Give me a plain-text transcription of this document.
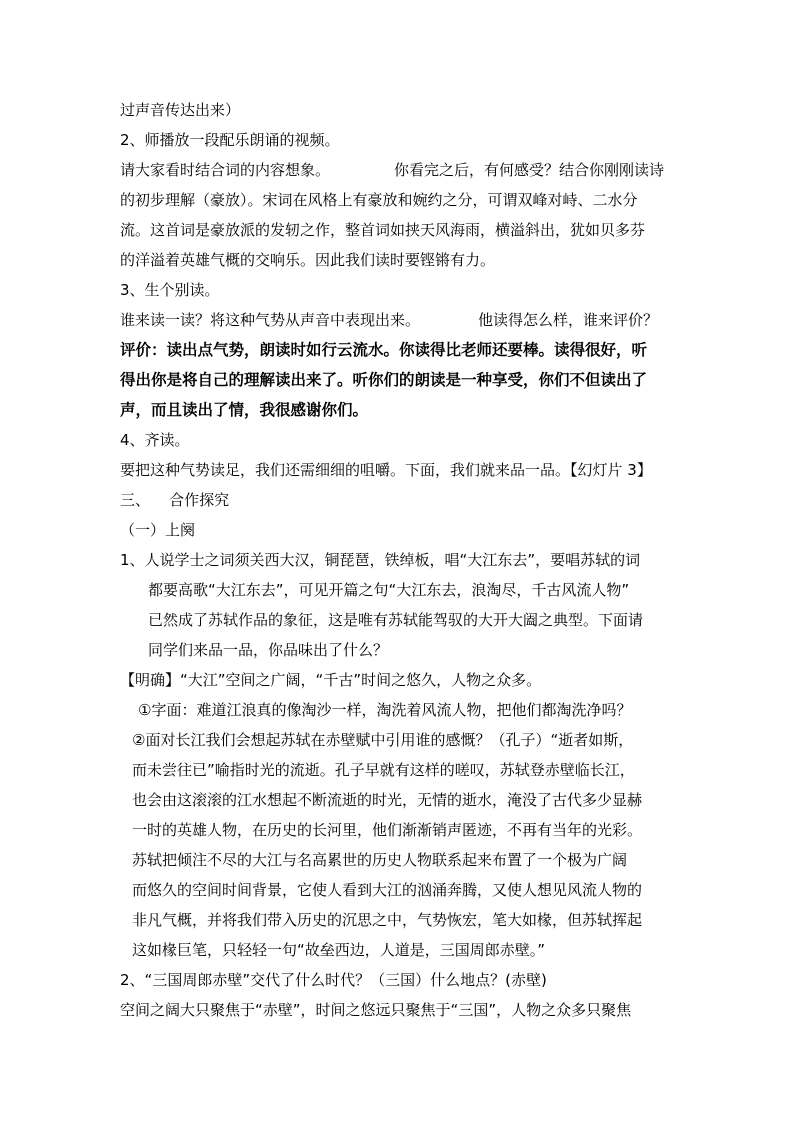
过声音传达出来）
2、师播放一段配乐朗诵的视频。
请大家看时结合词的内容想象。	你看完之后，有何感受？结合你刚刚读诗
的初步理解（豪放）。宋词在风格上有豪放和婉约之分，可谓双峰对峙、二水分
流。这首词是豪放派的发轫之作，整首词如挟天风海雨，横溢斜出，犹如贝多芬
的洋溢着英雄气概的交响乐。因此我们读时要铿锵有力。
3、生个别读。
谁来读一读？将这种气势从声音中表现出来。	他读得怎么样，谁来评价？
评价：读出点气势，朗读时如行云流水。你读得比老师还要棒。读得很好，听
得出你是将自己的理解读出来了。听你们的朗读是一种享受，你们不但读出了
声，而且读出了情，我很感谢你们。
4、齐读。
要把这种气势读足，我们还需细细的咀嚼。下面，我们就来品一品。【幻灯片 3】
三、    合作探究
（一）上阕
1、人说学士之词须关西大汉，铜琵琶，铁绰板，唱“大江东去”，要唱苏轼的词
都要高歌“大江东去”，可见开篇之句“大江东去，浪淘尽，千古风流人物”
已然成了苏轼作品的象征，这是唯有苏轼能驾驭的大开大阖之典型。下面请
同学们来品一品，你品味出了什么？
【明确】“大江”空间之广阔，“千古”时间之悠久，人物之众多。
①字面：难道江浪真的像淘沙一样，淘洗着风流人物，把他们都淘洗净吗？
②面对长江我们会想起苏轼在赤壁赋中引用谁的感慨？（孔子）“逝者如斯，
而未尝往已”喻指时光的流逝。孔子早就有这样的嗟叹，苏轼登赤壁临长江，
也会由这滚滚的江水想起不断流逝的时光，无情的逝水，淹没了古代多少显赫
一时的英雄人物，在历史的长河里，他们渐渐销声匿迹，不再有当年的光彩。
苏轼把倾注不尽的大江与名高累世的历史人物联系起来布置了一个极为广阔
而悠久的空间时间背景，它使人看到大江的汹涌奔腾，又使人想见风流人物的
非凡气概，并将我们带入历史的沉思之中，气势恢宏，笔大如椽，但苏轼挥起
这如椽巨笔，只轻轻一句“故垒西边，人道是，三国周郎赤壁。”
2、“三国周郎赤壁”交代了什么时代？（三国）什么地点？(赤壁)
空间之阔大只聚焦于“赤壁”，时间之悠远只聚焦于“三国”，人物之众多只聚焦
